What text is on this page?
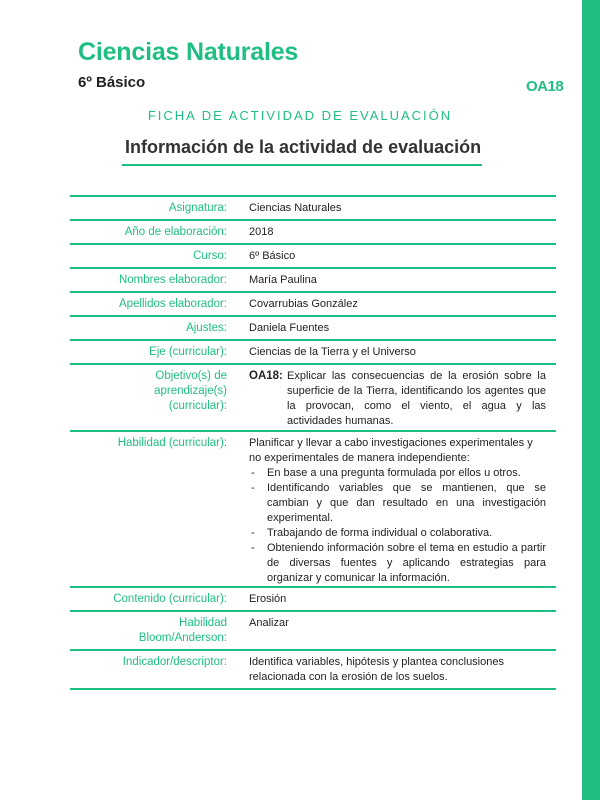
Ciencias Naturales
6º Básico	OA18
FICHA DE ACTIVIDAD DE EVALUACIÓN
Información de la actividad de evaluación
Asignatura: Ciencias Naturales
Año de elaboración: 2018
Curso: 6º Básico
Nombres elaborador: María Paulina
Apellidos elaborador: Covarrubias González
Ajustes: Daniela Fuentes
Eje (curricular): Ciencias de la Tierra y el Universo
Objetivo(s) de aprendizaje(s) (curricular):
OA18: Explicar las consecuencias de la erosión sobre la superficie de la Tierra, identificando los agentes que la provocan, como el viento, el agua y las actividades humanas.
Habilidad (curricular): Planificar y llevar a cabo investigaciones experimentales y no experimentales de manera independiente:
- En base a una pregunta formulada por ellos u otros.
- Identificando variables que se mantienen, que se cambian y que dan resultado en una investigación experimental.
- Trabajando de forma individual o colaborativa.
- Obteniendo información sobre el tema en estudio a partir de diversas fuentes y aplicando estrategias para organizar y comunicar la información.
Contenido (curricular): Erosión
Habilidad Bloom/Anderson:
Analizar
Indicador/descriptor: Identifica variables, hipótesis y plantea conclusiones relacionada con la erosión de los suelos.
